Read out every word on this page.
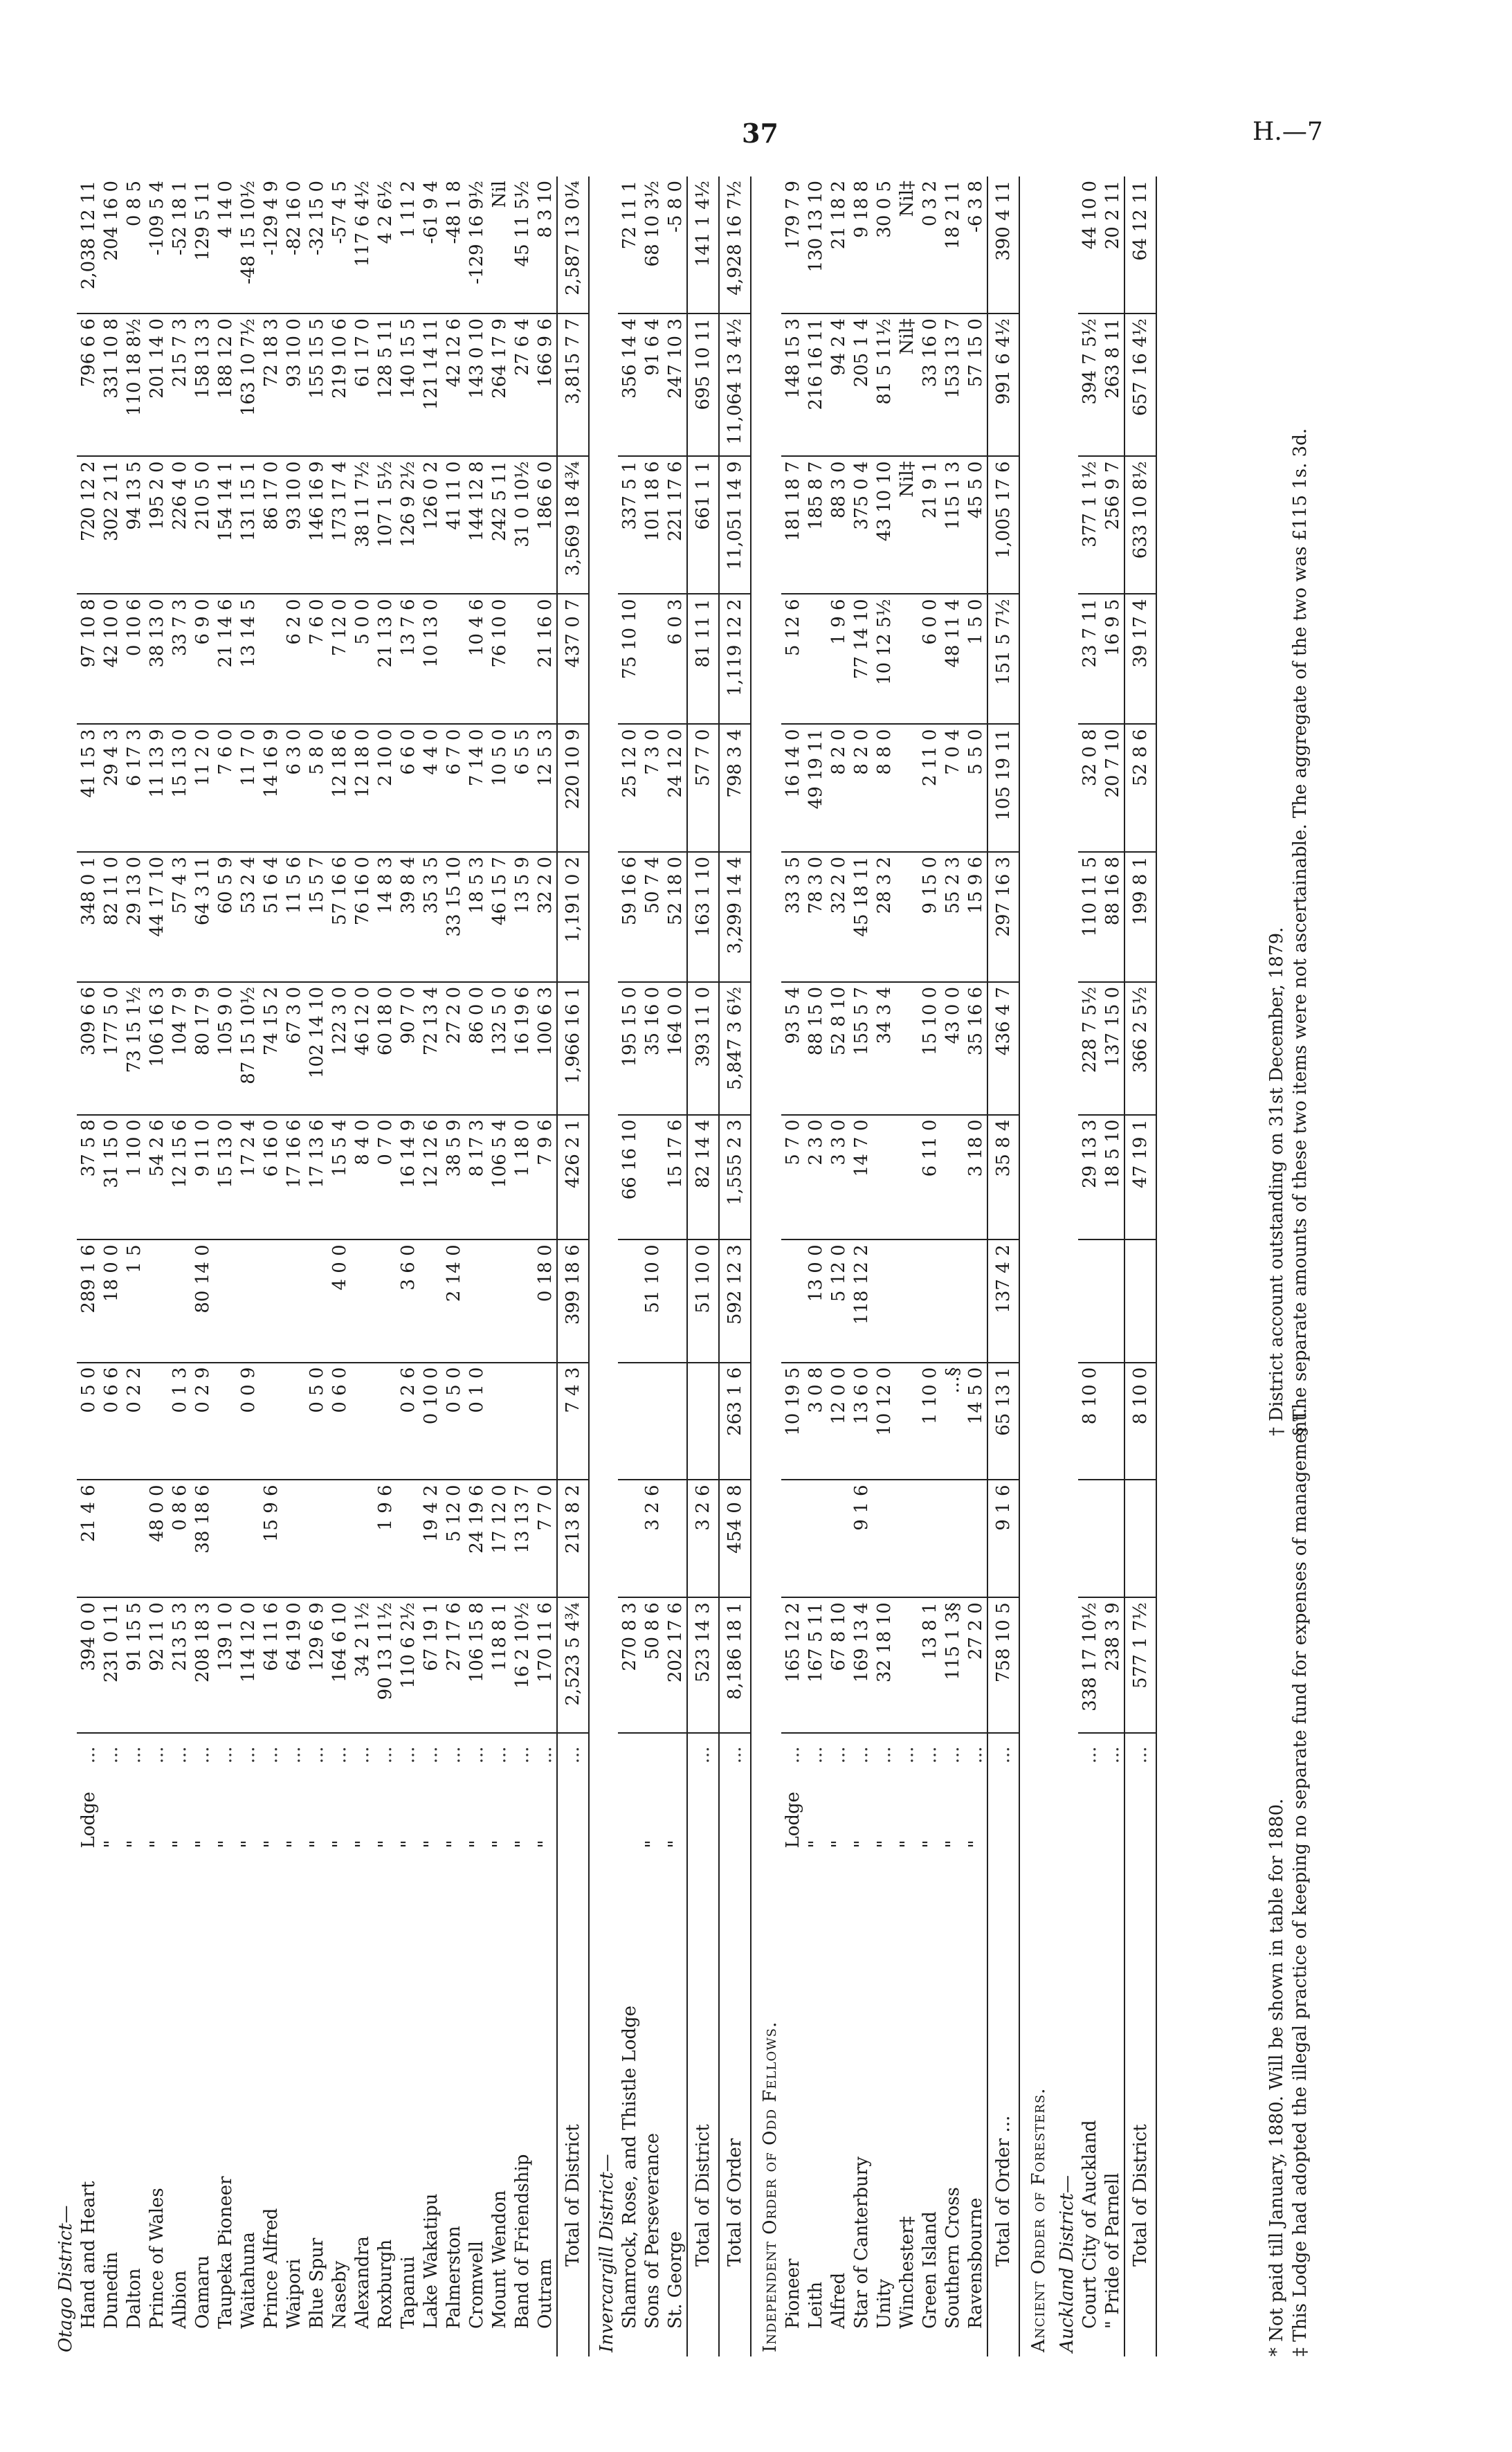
37	H.—7
Otago District—														
Hand and Heart	Lodge	...	394 0 0	21 4 6	0 5 0	289 1 6	37 5 8	309 6 6	348 0 1	41 15 3	97 10 8	720 12 2	796 6 6	2,038 12 11
Dunedin	"	...	231 0 11		0 6 6	18 0 0	31 15 0	177 5 0	82 11 0	29 4 3	42 10 0	302 2 11	331 10 8	204 16 0
Dalton	"	...	91 15 5		0 2 2	1 5	1 10 0	73 15 1½	29 13 0	6 17 3	0 10 6	94 13 5	110 18 8½	0 8 5
Prince of Wales	"	...	92 11 0	48 0 0			54 2 6	106 16 3	44 17 10	11 13 9	38 13 0	195 2 0	201 14 0	-109 5 4
Albion	"	...	213 5 3	0 8 6	0 1 3		12 15 6	104 7 9	57 4 3	15 13 0	33 7 3	226 4 0	215 7 3	-52 18 1
Oamaru	"	...	208 18 3	38 18 6	0 2 9	80 14 0	9 11 0	80 17 9	64 3 11	11 2 0	6 9 0	210 5 0	158 13 3	129 5 11
Taupeka Pioneer	"	...	139 1 0				15 13 0	105 9 0	60 5 9	7 6 0	21 14 6	154 14 1	188 12 0	4 14 0
Waitahuna	"	...	114 12 0		0 0 9		17 2 4	87 15 10½	53 2 4	11 7 0	13 14 5	131 15 1	163 10 7½	-48 15 10½
Prince Alfred	"	...	64 11 6	15 9 6			6 16 0	74 15 2	51 6 4	14 16 9		86 17 0	72 18 3	-129 4 9
Waipori	"	...	64 19 0				17 16 6	67 3 0	11 5 6	6 3 0	6 2 0	93 10 0	93 10 0	-82 16 0
Blue Spur	"	...	129 6 9		0 5 0		17 13 6	102 14 10	15 5 7	5 8 0	7 6 0	146 16 9	155 15 5	-32 15 0
Naseby	"	...	164 6 10		0 6 0	4 0 0	15 5 4	122 3 0	57 16 6	12 18 6	7 12 0	173 17 4	219 10 6	-57 4 5
Alexandra	"	...	34 2 1½				8 4 0	46 12 0	76 16 0	12 18 0	5 0 0	38 11 7½	61 17 0	117 6 4½
Roxburgh	"	...	90 13 11½	1 9 6			0 7 0	60 18 0	14 8 3	2 10 0	21 13 0	107 1 5½	128 5 11	4 2 6½
Tapanui	"	...	110 6 2½		0 2 6	3 6 0	16 14 9	90 7 0	39 8 4	6 6 0	13 7 6	126 9 2½	140 15 5	1 11 2
Lake Wakatipu	"	...	67 19 1	19 4 2	0 10 0		12 12 6	72 13 4	35 3 5	4 4 0	10 13 0	126 0 2	121 14 11	-61 9 4
Palmerston	"	...	27 17 6	5 12 0	0 5 0	2 14 0	38 5 9	27 2 0	33 15 10	6 7 0		41 11 0	42 12 6	-48 1 8
Cromwell	"	...	106 15 8	24 19 6	0 1 0		8 17 3	86 0 0	18 5 3	7 14 0	10 4 6	144 12 8	143 0 10	-129 16 9½
Mount Wendon	"	...	118 8 1	17 12 0			106 5 4	132 5 0	46 15 7	10 5 0	76 10 0	242 5 11	264 17 9	Nil
Band of Friendship	"	...	16 2 10½	13 13 7			1 18 0	16 19 6	13 5 9	6 5 5		31 0 10½	27 6 4	45 11 5½
Outram	"	...	170 11 6	7 7 0		0 18 0	7 9 6	100 6 3	32 2 0	12 5 3	21 16 0	186 6 0	166 9 6	8 3 10
Total of District		...	2,523 5 4¾	213 8 2	7 4 3	399 18 6	426 2 1	1,966 16 1	1,191 0 2	220 10 9	437 0 7	3,569 18 4¾	3,815 7 7	2,587 13 0¼
Invercargill District—														
Shamrock, Rose, and Thistle Lodge			270 8 3				66 16 10	195 15 0	59 16 6	25 12 0	75 10 10	337 5 1	356 14 4	72 11 1
Sons of Perseverance	"		50 8 6	3 2 6		51 10 0		35 16 0	50 7 4	7 3 0		101 18 6	91 6 4	68 10 3½
St. George	"		202 17 6				15 17 6	164 0 0	52 18 0	24 12 0	6 0 3	221 17 6	247 10 3	-5 8 0
Total of District		...	523 14 3	3 2 6		51 10 0	82 14 4	393 11 0	163 1 10	57 7 0	81 11 1	661 1 1	695 10 11	141 1 4½
Total of Order		...	8,186 18 1	454 0 8	263 1 6	592 12 3	1,555 2 3	5,847 3 6½	3,299 14 4	798 3 4	1,119 12 2	11,051 14 9	11,064 13 4½	4,928 16 7½
Independent Order of Odd Fellows.														
Pioneer	Lodge	...	165 12 2		10 19 5		5 7 0	93 5 4	33 3 5	16 14 0	5 12 6	181 18 7	148 15 3	179 7 9
Leith	"	...	167 5 11		3 0 8	13 0 0	2 3 0	88 15 0	78 3 0	49 19 11		185 8 7	216 16 11	130 13 10
Alfred	"	...	67 8 10		12 0 0	5 12 0	3 3 0	52 8 10	32 2 0	8 2 0	1 9 6	88 3 0	94 2 4	21 18 2
Star of Canterbury	"	...	169 13 4	9 1 6	13 6 0	118 12 2	14 7 0	155 5 7	45 18 11	8 2 0	77 14 10	375 0 4	205 1 4	9 18 8
Unity	"	...	32 18 10		10 12 0			34 3 4	28 3 2	8 8 0	10 12 5½	43 10 10	81 5 11½	30 0 5
Winchester‡	"	...										Nil‡	Nil‡	Nil‡
Green Island	"	...	13 8 1		1 10 0		6 11 0	15 10 0	9 15 0	2 11 0	6 0 0	21 9 1	33 16 0	0 3 2
Southern Cross	"	...	115 1 3§		...§			43 0 0	55 2 3	7 0 4	48 11 4	115 1 3	153 13 7	18 2 11
Ravensbourne	"	...	27 2 0		14 5 0		3 18 0	35 16 6	15 9 6	5 5 0	1 5 0	45 5 0	57 15 0	-6 3 8
Total of Order ...		...	758 10 5	9 1 6	65 13 1	137 4 2	35 8 4	436 4 7	297 16 3	105 19 11	151 5 7½	1,005 17 6	991 6 4½	390 4 11
Ancient Order of Foresters.														
Auckland District—														
Court City of Auckland		...	338 17 10½		8 10 0		29 13 3	228 7 5½	110 11 5	32 0 8	23 7 11	377 1 1½	394 7 5½	44 10 0
" Pride of Parnell		...	238 3 9				18 5 10	137 15 0	88 16 8	20 7 10	16 9 5	256 9 7	263 8 11	20 2 11
Total of District		...	577 1 7½		8 10 0		47 19 1	366 2 5½	199 8 1	52 8 6	39 17 4	633 10 8½	657 16 4½	64 12 11
* Not paid till January, 1880. Will be shown in table for 1880. ‡ This Lodge had adopted the illegal practice of keeping no separate fund for expenses of management.
† District account outstanding on 31st December, 1879. § The separate amounts of these two items were not ascertainable. The aggregate of the two was £115 1s. 3d.
